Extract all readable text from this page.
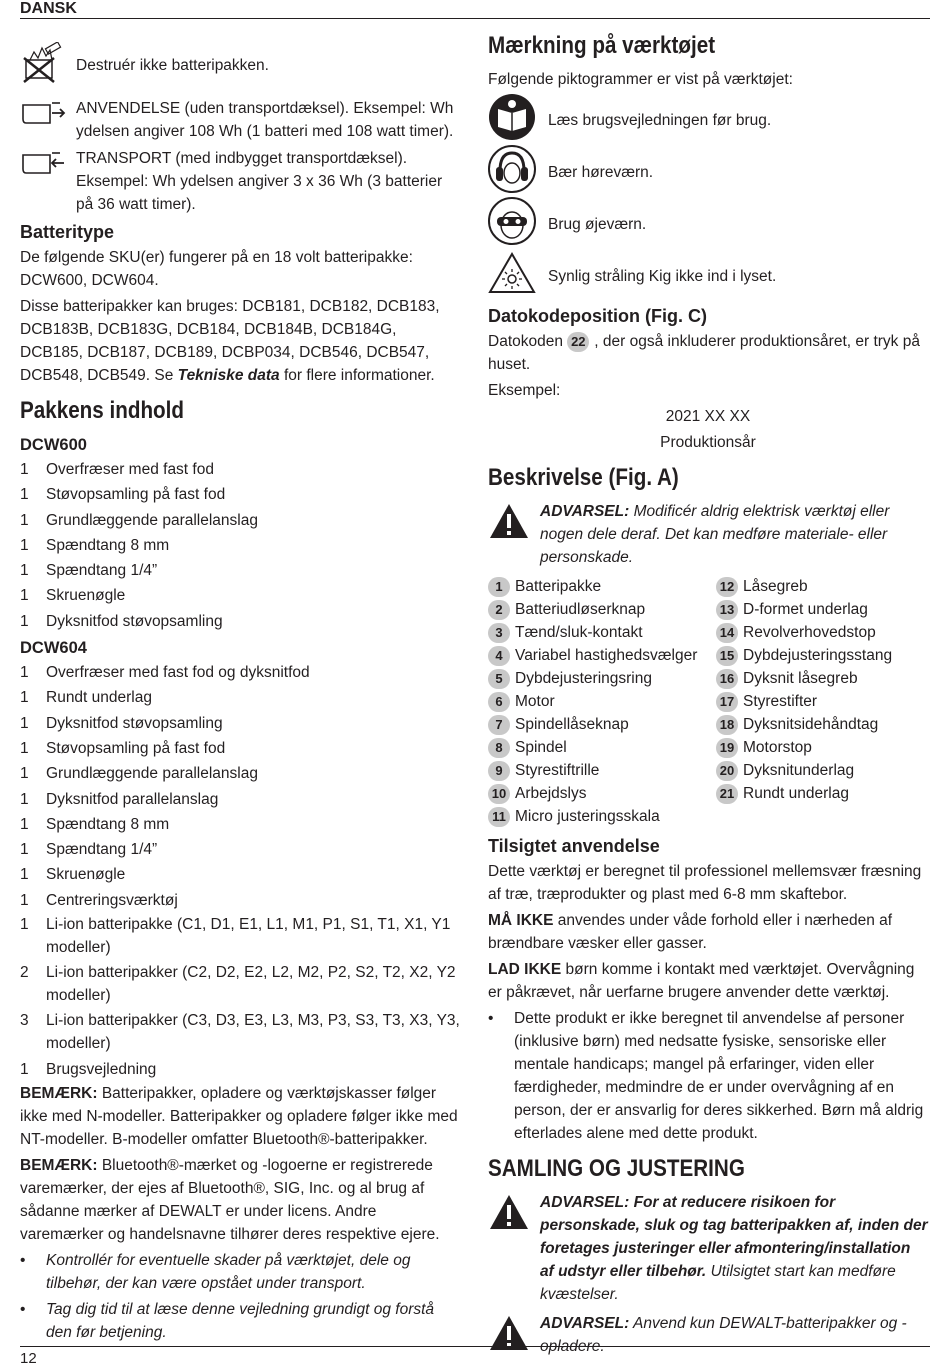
DANSK
Destruér ikke batteripakken.
ANVENDELSE (uden transportdæksel). Eksempel: Wh ydelsen angiver 108 Wh (1 batteri med 108 watt timer).
TRANSPORT (med indbygget transportdæksel). Eksempel: Wh ydelsen angiver 3 x 36 Wh (3 batterier på 36 watt timer).
Batteritype

De følgende SKU(er) fungerer på en 18 volt batteripakke: DCW600, DCW604.

Disse batteripakker kan bruges: DCB181, DCB182, DCB183, DCB183B, DCB183G, DCB184, DCB184B, DCB184G, DCB185, DCB187, DCB189, DCBP034, DCB546, DCB547, DCB548, DCB549. Se Tekniske data for flere informationer.

Pakkens indhold
DCW600
1	Overfræser med fast fod
1	Støvopsamling på fast fod
1	Grundlæggende parallelanslag
1	Spændtang 8 mm
1	Spændtang 1/4”
1	Skruenøgle
1	Dyksnitfod støvopsamling
DCW604
1	Overfræser med fast fod og dyksnitfod
1	Rundt underlag
1	Dyksnitfod støvopsamling
1	Støvopsamling på fast fod
1	Grundlæggende parallelanslag
1	Dyksnitfod parallelanslag
1	Spændtang 8 mm
1	Spændtang 1/4”
1	Skruenøgle
1	Centreringsværktøj
1	Li-ion batteripakke (C1, D1, E1, L1, M1, P1, S1, T1, X1, Y1 modeller)
2	Li-ion batteripakker (C2, D2, E2, L2, M2, P2, S2, T2, X2, Y2 modeller)
3	Li-ion batteripakker (C3, D3, E3, L3, M3, P3, S3, T3, X3, Y3, modeller)
1	Brugsvejledning

BEMÆRK: Batteripakker, opladere og værktøjskasser følger ikke med N-modeller. Batteripakker og opladere følger ikke med NT-modeller. B-modeller omfatter Bluetooth®-batteripakker.

BEMÆRK: Bluetooth®-mærket og -logoerne er registrerede varemærker, der ejes af Bluetooth®, SIG, Inc. og al brug af sådanne mærker af DEWALT er under licens. Andre varemærker og handelsnavne tilhører deres respektive ejere.

•	Kontrollér for eventuelle skader på værktøjet, dele og tilbehør, der kan være opstået under transport.
•	Tag dig tid til at læse denne vejledning grundigt og forstå den før betjening.
Mærkning på værktøjet

Følgende piktogrammer er vist på værktøjet:

Læs brugsvejledningen før brug.
Bær høreværn.
Brug øjeværn.
Synlig stråling Kig ikke ind i lyset.
Datokodeposition (Fig. C)

Datokoden 22 , der også inkluderer produktionsåret, er tryk på huset.

Eksempel:

2021 XX XX

Produktionsår

Beskrivelse (Fig. A)
ADVARSEL: Modificér aldrig elektrisk værktøj eller nogen dele deraf. Det kan medføre materiale- eller personskade.
1 Batteripakke
2 Batteriudløserknap
3 Tænd/sluk-kontakt
4 Variabel hastighedsvælger
5 Dybdejusteringsring
6 Motor
7 Spindellåseknap
8 Spindel
9 Styrestiftrille
10 Arbejdslys
11 Micro justeringsskala
12 Låsegreb
13 D-formet underlag
14 Revolverhovedstop
15 Dybdejusteringsstang
16 Dyksnit låsegreb
17 Styrestifter
18 Dyksnitsidehåndtag
19 Motorstop
20 Dyksnitunderlag
21 Rundt underlag
Tilsigtet anvendelse

Dette værktøj er beregnet til professionel mellemsvær fræsning af træ, træprodukter og plast med 6-8 mm skaftebor.

MÅ IKKE anvendes under våde forhold eller i nærheden af brændbare væsker eller gasser.

LAD IKKE børn komme i kontakt med værktøjet. Overvågning er påkrævet, når uerfarne brugere anvender dette værktøj.

•	Dette produkt er ikke beregnet til anvendelse af personer (inklusive børn) med nedsatte fysiske, sensoriske eller mentale handicaps; mangel på erfaringer, viden eller færdigheder, medmindre de er under overvågning af en person, der er ansvarlig for deres sikkerhed. Børn må aldrig efterlades alene med dette produkt.
SAMLING OG JUSTERING
ADVARSEL: For at reducere risikoen for personskade, sluk og tag batteripakken af, inden der foretages justeringer eller afmontering/installation af udstyr eller tilbehør. Utilsigtet start kan medføre kvæstelser.
ADVARSEL: Anvend kun DEWALT-batteripakker og -opladere.
12
